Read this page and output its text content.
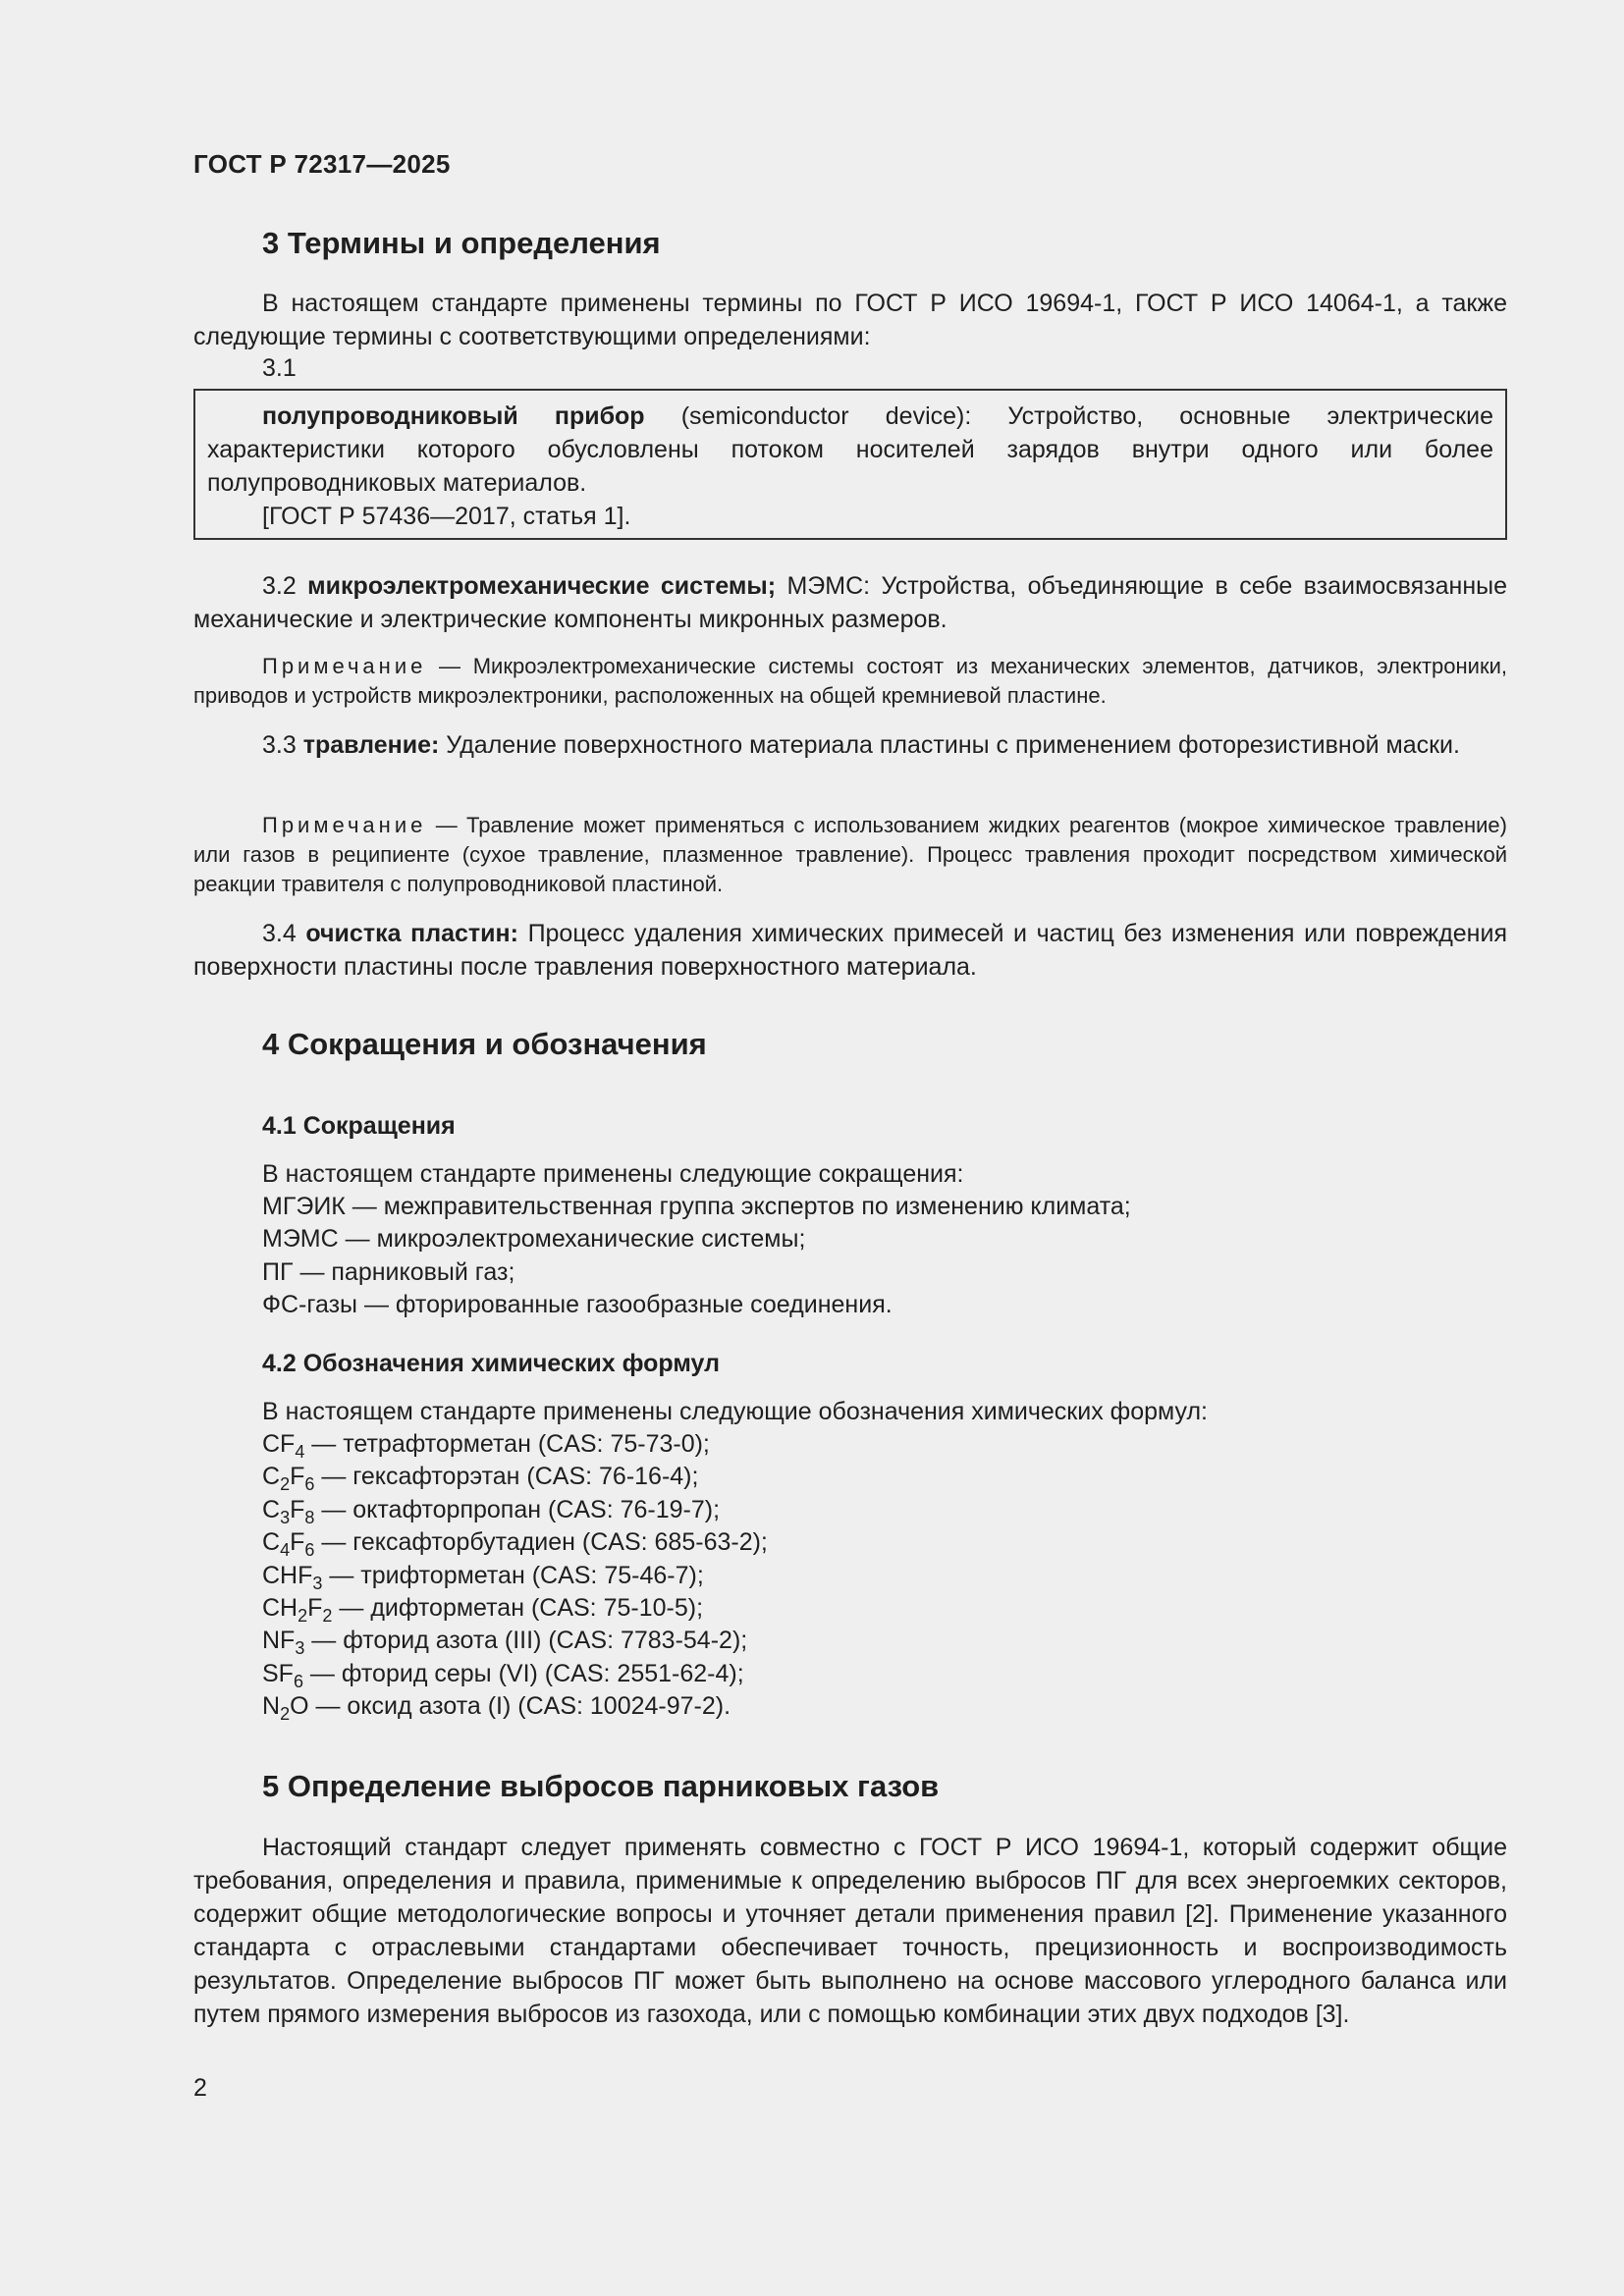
ГОСТ Р 72317—2025
3 Термины и определения

В настоящем стандарте применены термины по ГОСТ Р ИСО 19694-1, ГОСТ Р ИСО 14064-1, а также следующие термины с соответствующими определениями:

3.1

полупроводниковый прибор (semiconductor device): Устройство, основные электрические характеристики которого обусловлены потоком носителей зарядов внутри одного или более полупроводниковых материалов.

[ГОСТ Р 57436—2017, статья 1].

3.2 микроэлектромеханические системы; МЭМС: Устройства, объединяющие в себе взаимосвязанные механические и электрические компоненты микронных размеров.

Примечание — Микроэлектромеханические системы состоят из механических элементов, датчиков, электроники, приводов и устройств микроэлектроники, расположенных на общей кремниевой пластине.

3.3 травление: Удаление поверхностного материала пластины с применением фоторезистивной маски.

Примечание — Травление может применяться с использованием жидких реагентов (мокрое химическое травление) или газов в реципиенте (сухое травление, плазменное травление). Процесс травления проходит посредством химической реакции травителя с полупроводниковой пластиной.

3.4 очистка пластин: Процесс удаления химических примесей и частиц без изменения или повреждения поверхности пластины после травления поверхностного материала.

4 Сокращения и обозначения
4.1 Сокращения
В настоящем стандарте применены следующие сокращения:
МГЭИК — межправительственная группа экспертов по изменению климата;
МЭМС — микроэлектромеханические системы;
ПГ — парниковый газ;
ФС-газы — фторированные газообразные соединения.
4.2 Обозначения химических формул
В настоящем стандарте применены следующие обозначения химических формул:
$CF_4$ — тетрафторметан (CAS: 75-73-0);
$C_2F_6$ — гексафторэтан (CAS: 76-16-4);
$C_3F_8$ — октафторпропан (CAS: 76-19-7);
$C_4F_6$ — гексафторбутадиен (CAS: 685-63-2);
$CHF_3$ — трифторметан (CAS: 75-46-7);
$CH_2F_2$ — дифторметан (CAS: 75-10-5);
$NF_3$ — фторид азота (III) (CAS: 7783-54-2);
$SF_6$ — фторид серы (VI) (CAS: 2551-62-4);
$N_2O$ — оксид азота (I) (CAS: 10024-97-2).
5 Определение выбросов парниковых газов

Настоящий стандарт следует применять совместно с ГОСТ Р ИСО 19694-1, который содержит общие требования, определения и правила, применимые к определению выбросов ПГ для всех энергоемких секторов, содержит общие методологические вопросы и уточняет детали применения правил [2]. Применение указанного стандарта с отраслевыми стандартами обеспечивает точность, прецизионность и воспроизводимость результатов. Определение выбросов ПГ может быть выполнено на основе массового углеродного баланса или путем прямого измерения выбросов из газохода, или с помощью комбинации этих двух подходов [3].

2
